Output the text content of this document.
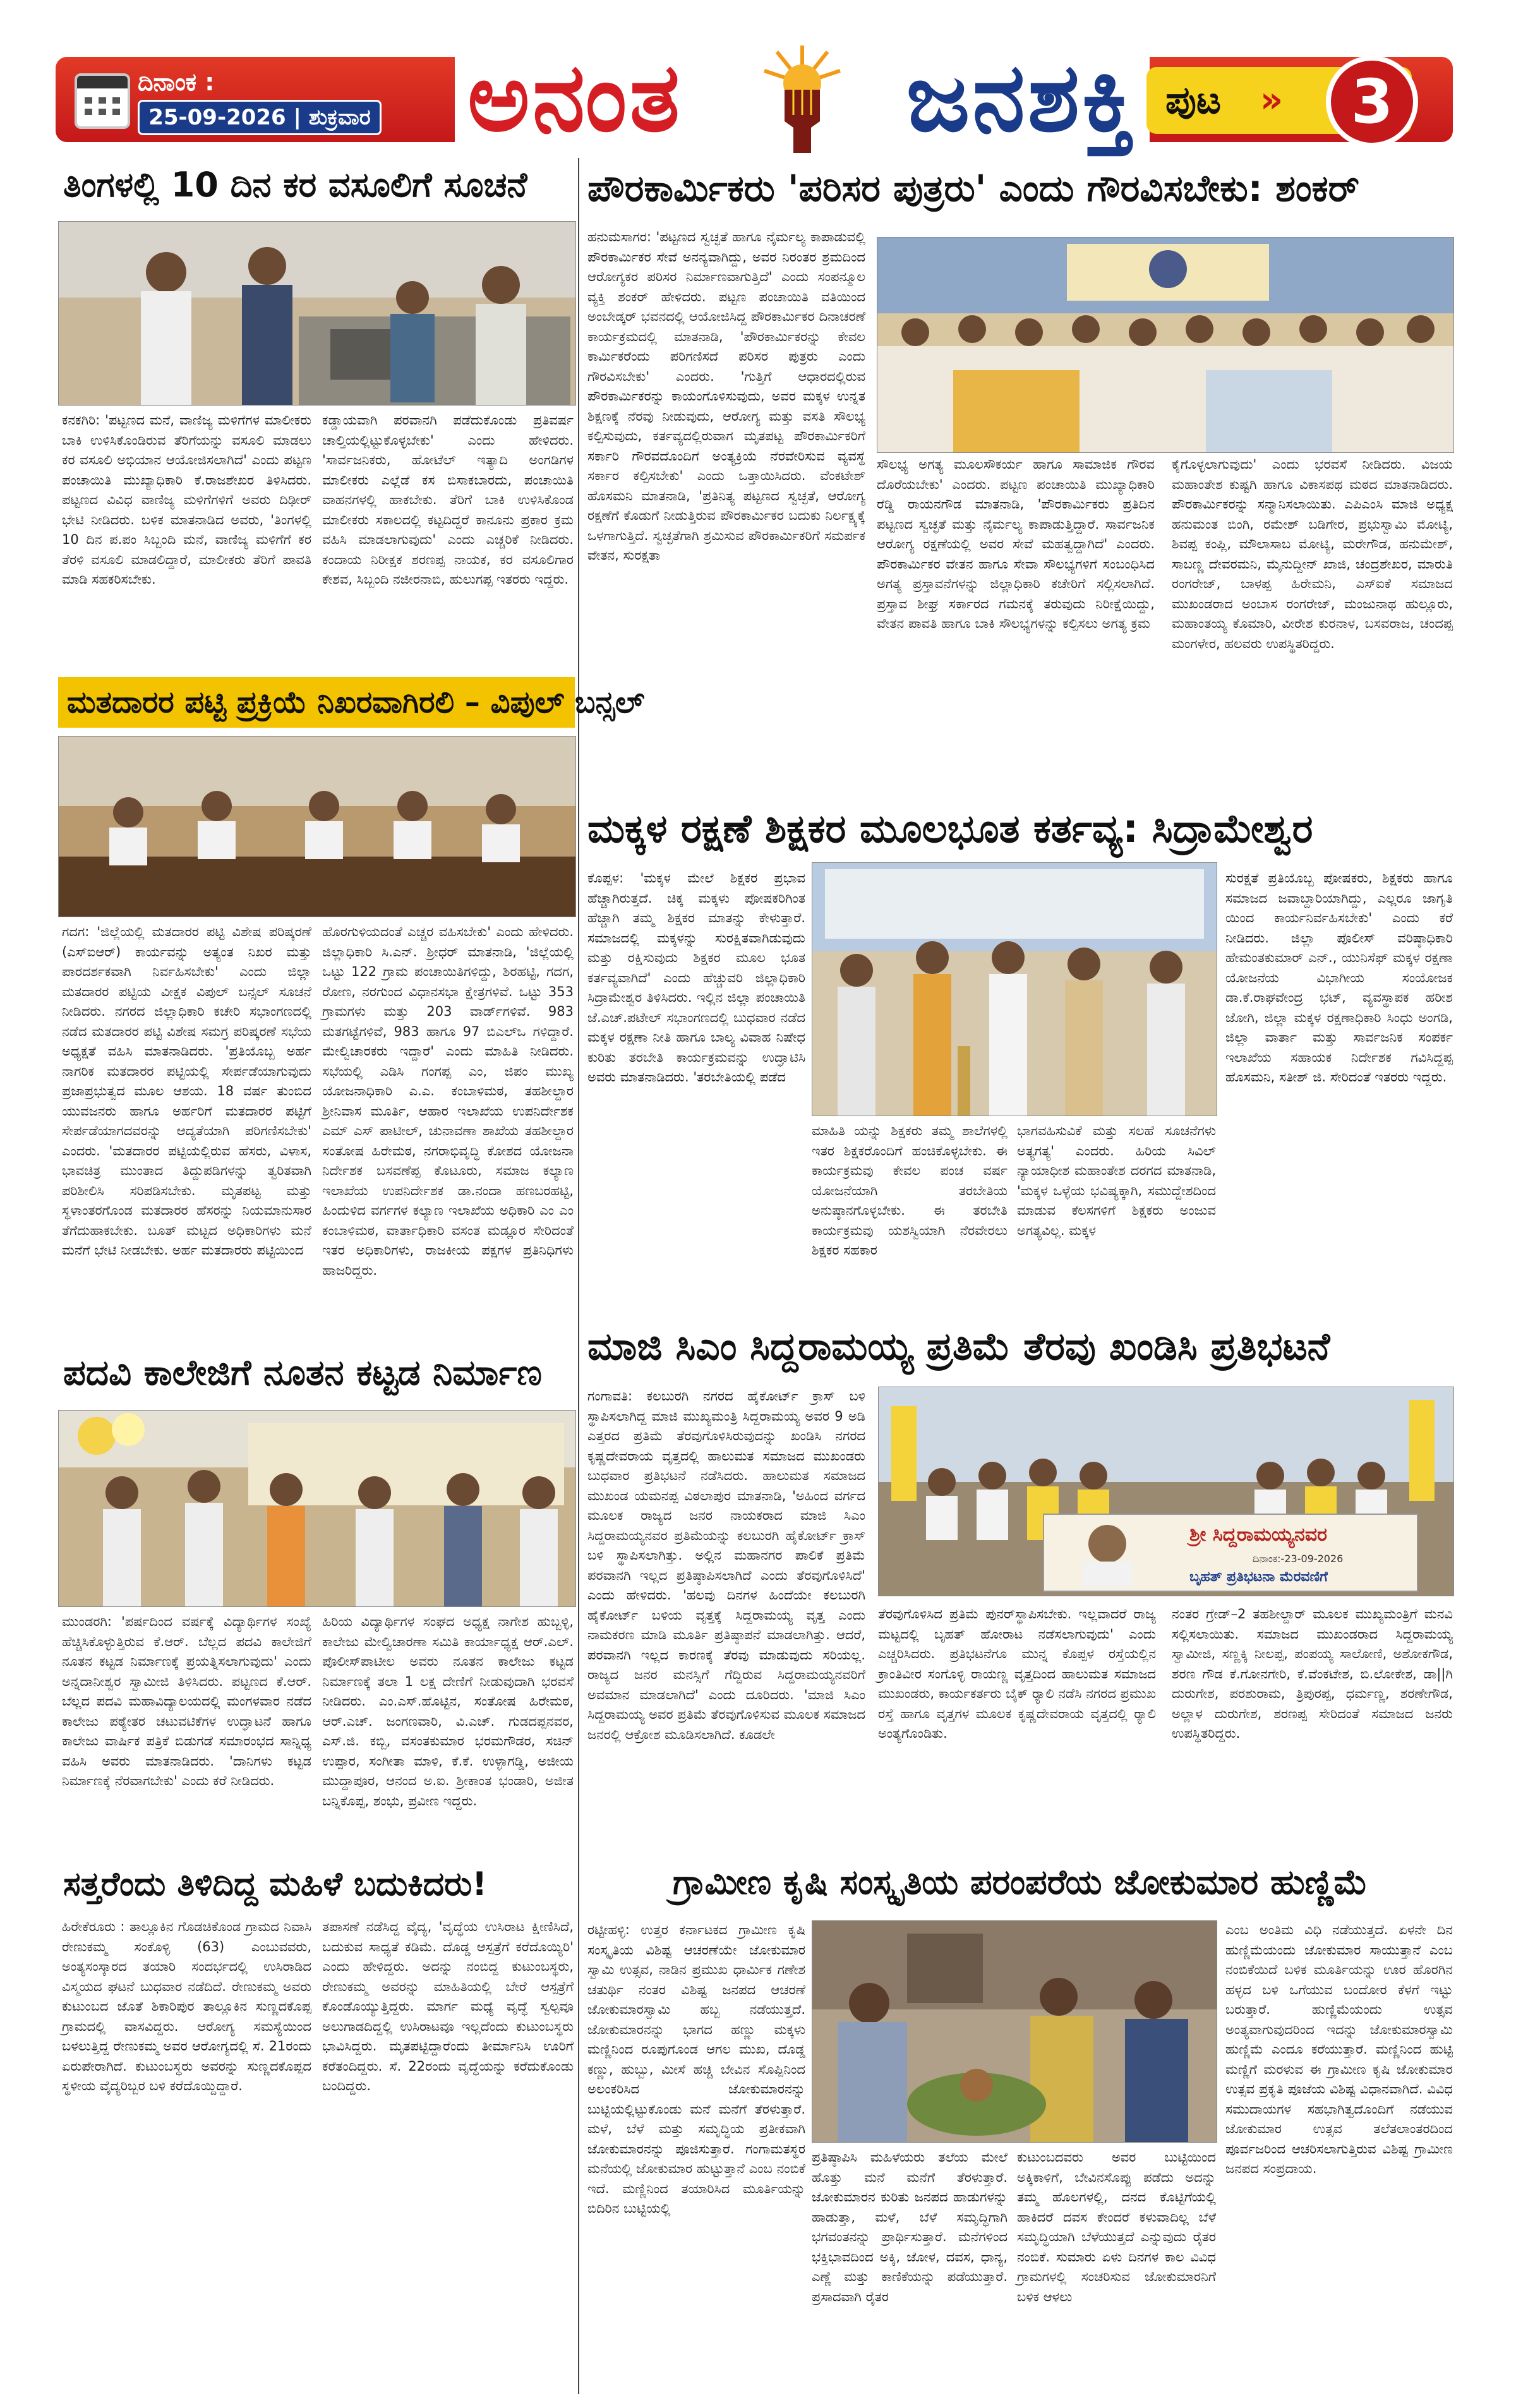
ದಿನಾಂಕ :
25-09-2026 | ಶುಕ್ರವಾರ ಅನಂತ ಜನಶಕ್ತಿ ಪುಟ »	3
ತಿಂಗಳಲ್ಲಿ 10 ದಿನ ಕರ ವಸೂಲಿಗೆ ಸೂಚನೆ
ಕನಕಗಿರಿ: 'ಪಟ್ಟಣದ ಮನೆ, ವಾಣಿಜ್ಯ ಮಳಿಗೆಗಳ ಮಾಲೀಕರು ಬಾಕಿ ಉಳಿಸಿಕೊಂಡಿರುವ ತೆರಿಗೆಯನ್ನು ವಸೂಲಿ ಮಾಡಲು ಕರ ವಸೂಲಿ ಅಭಿಯಾನ ಆಯೋಜಿಸಲಾಗಿದೆ' ಎಂದು ಪಟ್ಟಣ ಪಂಚಾಯಿತಿ ಮುಖ್ಯಾಧಿಕಾರಿ ಕೆ.ರಾಜಶೇಖರ ತಿಳಿಸಿದರು. ಪಟ್ಟಣದ ವಿವಿಧ ವಾಣಿಜ್ಯ ಮಳಿಗೆಗಳಿಗೆ ಅವರು ದಿಢೀರ್ ಭೇಟಿ ನೀಡಿದರು. ಬಳಿಕ ಮಾತನಾಡಿದ ಅವರು, 'ತಿಂಗಳಲ್ಲಿ 10 ದಿನ ಪ.ಪಂ ಸಿಬ್ಬಂದಿ ಮನೆ, ವಾಣಿಜ್ಯ ಮಳಿಗೆಗೆ ಕರ ತೆರಳಿ ವಸೂಲಿ ಮಾಡಲಿದ್ದಾರೆ, ಮಾಲೀಕರು ತೆರಿಗೆ ಪಾವತಿ ಮಾಡಿ ಸಹಕರಿಸಬೇಕು.
ಕಡ್ಡಾಯವಾಗಿ ಪರವಾನಗಿ ಪಡೆದುಕೊಂಡು ಪ್ರತಿವರ್ಷ ಚಾಲ್ತಿಯಲ್ಲಿಟ್ಟುಕೊಳ್ಳಬೇಕು' ಎಂದು ಹೇಳಿದರು. 'ಸಾರ್ವಜನಿಕರು, ಹೋಟೆಲ್ ಇತ್ಯಾದಿ ಅಂಗಡಿಗಳ ಮಾಲೀಕರು ಎಲ್ಲೆಡೆ ಕಸ ಬಿಸಾಕಬಾರದು, ಪಂಚಾಯಿತಿ ವಾಹನಗಳಲ್ಲಿ ಹಾಕಬೇಕು. ತೆರಿಗೆ ಬಾಕಿ ಉಳಿಸಿಕೊಂಡ ಮಾಲೀಕರು ಸಕಾಲದಲ್ಲಿ ಕಟ್ಟದಿದ್ದರೆ ಕಾನೂನು ಪ್ರಕಾರ ಕ್ರಮ ವಹಿಸಿ ಮಾಡಲಾಗುವುದು' ಎಂದು ಎಚ್ಚರಿಕೆ ನೀಡಿದರು. ಕಂದಾಯ ನಿರೀಕ್ಷಕ ಶರಣಪ್ಪ ನಾಯಕ, ಕರ ವಸೂಲಿಗಾರ ಕೇಶವ, ಸಿಬ್ಬಂದಿ ನಜೀರನಾಬಿ, ಹುಲುಗಪ್ಪ ಇತರರು ಇದ್ದರು.
ಮತದಾರರ ಪಟ್ಟಿ ಪ್ರಕ್ರಿಯೆ ನಿಖರವಾಗಿರಲಿ – ವಿಪುಲ್ ಬನ್ಸಲ್
ಗದಗ: 'ಜಿಲ್ಲೆಯಲ್ಲಿ ಮತದಾರರ ಪಟ್ಟಿ ವಿಶೇಷ ಪರಿಷ್ಕರಣೆ (ಎಸ್‌ಐಆರ್) ಕಾರ್ಯವನ್ನು ಅತ್ಯಂತ ನಿಖರ ಮತ್ತು ಪಾರದರ್ಶಕವಾಗಿ ನಿರ್ವಹಿಸಬೇಕು' ಎಂದು ಜಿಲ್ಲಾ ಮತದಾರರ ಪಟ್ಟಿಯ ವೀಕ್ಷಕ ವಿಪುಲ್ ಬನ್ಸಲ್ ಸೂಚನೆ ನೀಡಿದರು. ನಗರದ ಜಿಲ್ಲಾಧಿಕಾರಿ ಕಚೇರಿ ಸಭಾಂಗಣದಲ್ಲಿ ನಡೆದ ಮತದಾರರ ಪಟ್ಟಿ ವಿಶೇಷ ಸಮಗ್ರ ಪರಿಷ್ಕರಣೆ ಸಭೆಯ ಅಧ್ಯಕ್ಷತೆ ವಹಿಸಿ ಮಾತನಾಡಿದರು. 'ಪ್ರತಿಯೊಬ್ಬ ಅರ್ಹ ನಾಗರಿಕ ಮತದಾರರ ಪಟ್ಟಿಯಲ್ಲಿ ಸೇರ್ಪಡೆಯಾಗುವುದು ಪ್ರಜಾಪ್ರಭುತ್ವದ ಮೂಲ ಆಶಯ. 18 ವರ್ಷ ತುಂಬಿದ ಯುವಜನರು ಹಾಗೂ ಅರ್ಹರಿಗೆ ಮತದಾರರ ಪಟ್ಟಿಗೆ ಸೇರ್ಪಡೆಯಾಗದವರನ್ನು ಆದ್ಯತೆಯಾಗಿ ಪರಿಗಣಿಸಬೇಕು' ಎಂದರು. 'ಮತದಾರರ ಪಟ್ಟಿಯಲ್ಲಿರುವ ಹೆಸರು, ವಿಳಾಸ, ಭಾವಚಿತ್ರ ಮುಂತಾದ ತಿದ್ದುಪಡಿಗಳನ್ನು ತ್ವರಿತವಾಗಿ ಪರಿಶೀಲಿಸಿ ಸರಿಪಡಿಸಬೇಕು. ಮೃತಪಟ್ಟ ಮತ್ತು ಸ್ಥಳಾಂತರಗೊಂಡ ಮತದಾರರ ಹೆಸರನ್ನು ನಿಯಮಾನುಸಾರ ತೆಗೆದುಹಾಕಬೇಕು. ಬೂತ್ ಮಟ್ಟದ ಅಧಿಕಾರಿಗಳು ಮನೆ ಮನೆಗೆ ಭೇಟಿ ನೀಡಬೇಕು. ಅರ್ಹ ಮತದಾರರು ಪಟ್ಟಿಯಿಂದ
ಹೊರಗುಳಿಯದಂತೆ ಎಚ್ಚರ ವಹಿಸಬೇಕು' ಎಂದು ಹೇಳಿದರು. ಜಿಲ್ಲಾಧಿಕಾರಿ ಸಿ.ಎನ್. ಶ್ರೀಧರ್ ಮಾತನಾಡಿ, 'ಜಿಲ್ಲೆಯಲ್ಲಿ ಒಟ್ಟು 122 ಗ್ರಾಮ ಪಂಚಾಯಿತಿಗಳಿದ್ದು, ಶಿರಹಟ್ಟಿ, ಗದಗ, ರೋಣ, ನರಗುಂದ ವಿಧಾನಸಭಾ ಕ್ಷೇತ್ರಗಳಿವೆ. ಒಟ್ಟು 353 ಗ್ರಾಮಗಳು ಮತ್ತು 203 ವಾರ್ಡ್‌ಗಳಿವೆ. 983 ಮತಗಟ್ಟೆಗಳಿವೆ, 983 ಹಾಗೂ 97 ಬಿಎಲ್‌ಒ ಗಳಿದ್ದಾರೆ. ಮೇಲ್ವಿಚಾರಕರು ಇದ್ದಾರೆ' ಎಂದು ಮಾಹಿತಿ ನೀಡಿದರು. ಸಭೆಯಲ್ಲಿ ಎಡಿಸಿ ಗಂಗಪ್ಪ ಎಂ, ಜಿಪಂ ಮುಖ್ಯ ಯೋಜನಾಧಿಕಾರಿ ಎ.ಎ. ಕಂಬಾಳಿಮಠ, ತಹಶೀಲ್ದಾರ ಶ್ರೀನಿವಾಸ ಮೂರ್ತಿ, ಆಹಾರ ಇಲಾಖೆಯ ಉಪನಿರ್ದೇಶಕ ಎಮ್ ಎಸ್ ಪಾಟೀಲ್, ಚುನಾವಣಾ ಶಾಖೆಯ ತಹಶೀಲ್ದಾರ ಸಂತೋಷ ಹಿರೇಮಠ, ನಗರಾಭಿವೃದ್ಧಿ ಕೋಶದ ಯೋಜನಾ ನಿರ್ದೇಶಕ ಬಸವಣೆಪ್ಪ ಕೊಟೂರು, ಸಮಾಜ ಕಲ್ಯಾಣ ಇಲಾಖೆಯ ಉಪನಿರ್ದೇಶಕ ಡಾ.ನಂದಾ ಹಣಬರಹಟ್ಟಿ, ಹಿಂದುಳಿದ ವರ್ಗಗಳ ಕಲ್ಯಾಣ ಇಲಾಖೆಯ ಅಧಿಕಾರಿ ಎಂ ಎಂ ಕಂಬಾಳಿಮಠ, ವಾರ್ತಾಧಿಕಾರಿ ವಸಂತ ಮಡ್ಲೂರ ಸೇರಿದಂತೆ ಇತರ ಅಧಿಕಾರಿಗಳು, ರಾಜಕೀಯ ಪಕ್ಷಗಳ ಪ್ರತಿನಿಧಿಗಳು ಹಾಜರಿದ್ದರು.
ಪದವಿ ಕಾಲೇಜಿಗೆ ನೂತನ ಕಟ್ಟಡ ನಿರ್ಮಾಣ
ಮುಂಡರಗಿ: 'ಪರ್ಷದಿಂದ ವರ್ಷಕ್ಕೆ ವಿದ್ಯಾರ್ಥಿಗಳ ಸಂಖ್ಯೆ ಹೆಚ್ಚಿಸಿಕೊಳ್ಳುತ್ತಿರುವ ಕೆ.ಆರ್. ಬೆಲ್ಲದ ಪದವಿ ಕಾಲೇಜಿಗೆ ನೂತನ ಕಟ್ಟಡ ನಿರ್ಮಾಣಕ್ಕೆ ಪ್ರಯತ್ನಿಸಲಾಗುವುದು' ಎಂದು ಅನ್ನದಾನೀಶ್ವರ ಸ್ವಾಮೀಜಿ ತಿಳಿಸಿದರು. ಪಟ್ಟಣದ ಕೆ.ಆರ್. ಬೆಲ್ಲದ ಪದವಿ ಮಹಾವಿದ್ಯಾಲಯದಲ್ಲಿ ಮಂಗಳವಾರ ನಡೆದ ಕಾಲೇಜು ಪಠ್ಯೇತರ ಚಟುವಟಿಕೆಗಳ ಉದ್ಘಾಟನೆ ಹಾಗೂ ಕಾಲೇಜು ವಾರ್ಷಿಕ ಪತ್ರಿಕೆ ಬಿಡುಗಡೆ ಸಮಾರಂಭದ ಸಾನ್ನಿಧ್ಯ ವಹಿಸಿ ಅವರು ಮಾತನಾಡಿದರು. 'ದಾನಿಗಳು ಕಟ್ಟಡ ನಿರ್ಮಾಣಕ್ಕೆ ನೆರವಾಗಬೇಕು' ಎಂದು ಕರೆ ನೀಡಿದರು.
ಹಿರಿಯ ವಿದ್ಯಾರ್ಥಿಗಳ ಸಂಘದ ಅಧ್ಯಕ್ಷ ನಾಗೇಶ ಹುಬ್ಬಳ್ಳಿ, ಕಾಲೇಜು ಮೇಲ್ವಿಚಾರಣಾ ಸಮಿತಿ ಕಾರ್ಯಾಧ್ಯಕ್ಷ ಆರ್.ಎಲ್. ಪೊಲೀಸ್‌ಪಾಟೀಲ ಅವರು ನೂತನ ಕಾಲೇಜು ಕಟ್ಟಡ ನಿರ್ಮಾಣಕ್ಕೆ ತಲಾ 1 ಲಕ್ಷ ದೇಣಿಗೆ ನೀಡುವುದಾಗಿ ಭರವಸೆ ನೀಡಿದರು. ಎಂ.ಎಸ್.ಹೊಟ್ಟಿನ, ಸಂತೋಷ ಹಿರೇಮಠ, ಆರ್.ಎಚ್. ಜಂಗಣವಾರಿ, ವಿ.ಎಚ್. ಗುಡದಪ್ಪನವರ, ಎಸ್.ಜಿ. ಕಬ್ಬಿ, ವಸಂತಕುಮಾರ ಭರಮಗೌಡರ, ಸಚಿನ್ ಉಪ್ಪಾರ, ಸಂಗೀತಾ ಮಾಳಿ, ಕೆ.ಕೆ. ಉಳ್ಳಾಗಡ್ಡಿ, ಅಜೀಯ ಮುದ್ದಾಪೂರ, ಆನಂದ ಅ.ಐ. ಶ್ರೀಕಾಂತ ಭಂಡಾರಿ, ಅಜೀತ ಬನ್ನಿಕೊಪ್ಪ, ಶಂಭು, ಪ್ರವೀಣ ಇದ್ದರು.
ಸತ್ತರೆಂದು ತಿಳಿದಿದ್ದ ಮಹಿಳೆ ಬದುಕಿದರು!
ಹಿರೇಕೆರೂರು : ತಾಲ್ಲೂಕಿನ ಗೊಡಚಿಕೊಂಡ ಗ್ರಾಮದ ನಿವಾಸಿ ರೇಣುಕಮ್ಮ ಸಂಕೊಳ್ಳಿ (63) ಎಂಬುವವರು, ಅಂತ್ಯಸಂಸ್ಕಾರದ ತಯಾರಿ ಸಂದರ್ಭದಲ್ಲಿ ಉಸಿರಾಡಿದ ವಿಸ್ಮಯದ ಘಟನೆ ಬುಧವಾರ ನಡೆದಿದೆ. ರೇಣುಕಮ್ಮ ಅವರು ಕುಟುಂಬದ ಜೊತೆ ಶಿಕಾರಿಪುರ ತಾಲ್ಲೂಕಿನ ಸುಣ್ಣದಕೊಪ್ಪ ಗ್ರಾಮದಲ್ಲಿ ವಾಸವಿದ್ದರು. ಆರೋಗ್ಯ ಸಮಸ್ಯೆಯಿಂದ ಬಳಲುತ್ತಿದ್ದ ರೇಣುಕಮ್ಮ ಅವರ ಆರೋಗ್ಯದಲ್ಲಿ ಸೆ. 21ರಂದು ಏರುಪೇರಾಗಿದೆ. ಕುಟುಂಬಸ್ಥರು ಅವರನ್ನು ಸುಣ್ಣದಕೊಪ್ಪದ ಸ್ಥಳೀಯ ವೈದ್ಯರಿಬ್ಬರ ಬಳಿ ಕರೆದೊಯ್ದಿದ್ದಾರೆ.
ತಪಾಸಣೆ ನಡೆಸಿದ್ದ ವೈದ್ಯ, 'ವೃದ್ಧೆಯ ಉಸಿರಾಟ ಕ್ಷೀಣಿಸಿದೆ, ಬದುಕುವ ಸಾಧ್ಯತೆ ಕಡಿಮೆ. ದೊಡ್ಡ ಆಸ್ಪತ್ರೆಗೆ ಕರೆದೊಯ್ಯಿರಿ' ಎಂದು ಹೇಳಿದ್ದರು. ಅದನ್ನು ನಂಬಿದ್ದ ಕುಟುಂಬಸ್ಥರು, ರೇಣುಕಮ್ಮ ಅವರನ್ನು ಮಾಹಿತಿಯಲ್ಲಿ ಬೇರೆ ಆಸ್ಪತ್ರೆಗೆ ಕೊಂಡೊಯ್ಯುತ್ತಿದ್ದರು. ಮಾರ್ಗ ಮಧ್ಯೆ ವೃದ್ಧೆ ಸ್ವಲ್ಪವೂ ಅಲುಗಾಡದಿದ್ದಲ್ಲಿ ಉಸಿರಾಟವೂ ಇಲ್ಲದೆಂದು ಕುಟುಂಬಸ್ಥರು ಭಾವಿಸಿದ್ದರು. ಮೃತಪಟ್ಟಿದ್ದಾರೆಂದು ತೀರ್ಮಾನಿಸಿ ಊರಿಗೆ ಕರೆತಂದಿದ್ದರು. ಸೆ. 22ರಂದು ವೃದ್ಧೆಯನ್ನು ಕರೆದುಕೊಂಡು ಬಂದಿದ್ದರು.
ಪೌರಕಾರ್ಮಿಕರು 'ಪರಿಸರ ಪುತ್ರರು' ಎಂದು ಗೌರವಿಸಬೇಕು: ಶಂಕರ್
ಹನುಮಸಾಗರ: 'ಪಟ್ಟಣದ ಸ್ವಚ್ಛತೆ ಹಾಗೂ ನೈರ್ಮಲ್ಯ ಕಾಪಾಡುವಲ್ಲಿ ಪೌರಕಾರ್ಮಿಕರ ಸೇವೆ ಅನನ್ಯವಾಗಿದ್ದು, ಅವರ ನಿರಂತರ ಶ್ರಮದಿಂದ ಆರೋಗ್ಯಕರ ಪರಿಸರ ನಿರ್ಮಾಣವಾಗುತ್ತಿದೆ' ಎಂದು ಸಂಪನ್ಮೂಲ ವ್ಯಕ್ತಿ ಶಂಕರ್ ಹೇಳಿದರು. ಪಟ್ಟಣ ಪಂಚಾಯಿತಿ ವತಿಯಿಂದ ಅಂಬೇಡ್ಕರ್ ಭವನದಲ್ಲಿ ಆಯೋಜಿಸಿದ್ದ ಪೌರಕಾರ್ಮಿಕರ ದಿನಾಚರಣೆ ಕಾರ್ಯಕ್ರಮದಲ್ಲಿ ಮಾತನಾಡಿ, 'ಪೌರಕಾರ್ಮಿಕರನ್ನು ಕೇವಲ ಕಾರ್ಮಿಕರೆಂದು ಪರಿಗಣಿಸದೆ ಪರಿಸರ ಪುತ್ರರು ಎಂದು ಗೌರವಿಸಬೇಕು' ಎಂದರು. 'ಗುತ್ತಿಗೆ ಆಧಾರದಲ್ಲಿರುವ ಪೌರಕಾರ್ಮಿಕರನ್ನು ಕಾಯಂಗೊಳಿಸುವುದು, ಅವರ ಮಕ್ಕಳ ಉನ್ನತ ಶಿಕ್ಷಣಕ್ಕೆ ನೆರವು ನೀಡುವುದು, ಆರೋಗ್ಯ ಮತ್ತು ವಸತಿ ಸೌಲಭ್ಯ ಕಲ್ಪಿಸುವುದು, ಕರ್ತವ್ಯದಲ್ಲಿರುವಾಗ ಮೃತಪಟ್ಟ ಪೌರಕಾರ್ಮಿಕರಿಗೆ ಸರ್ಕಾರಿ ಗೌರವದೊಂದಿಗೆ ಅಂತ್ಯಕ್ರಿಯೆ ನೆರವೇರಿಸುವ ವ್ಯವಸ್ಥೆ ಸರ್ಕಾರ ಕಲ್ಪಿಸಬೇಕು' ಎಂದು ಒತ್ತಾಯಿಸಿದರು. ವೆಂಕಟೇಶ್ ಹೊಸಮನಿ ಮಾತನಾಡಿ, 'ಪ್ರತಿನಿತ್ಯ ಪಟ್ಟಣದ ಸ್ವಚ್ಛತೆ, ಆರೋಗ್ಯ ರಕ್ಷಣೆಗೆ ಕೊಡುಗೆ ನೀಡುತ್ತಿರುವ ಪೌರಕಾರ್ಮಿಕರ ಬದುಕು ನಿರ್ಲಕ್ಷ್ಯಕ್ಕೆ ಒಳಗಾಗುತ್ತಿದೆ. ಸ್ವಚ್ಛತೆಗಾಗಿ ಶ್ರಮಿಸುವ ಪೌರಕಾರ್ಮಿಕರಿಗೆ ಸಮರ್ಪಕ ವೇತನ, ಸುರಕ್ಷತಾ
ಸೌಲಭ್ಯ ಅಗತ್ಯ ಮೂಲಸೌಕರ್ಯ ಹಾಗೂ ಸಾಮಾಜಿಕ ಗೌರವ ದೊರೆಯಬೇಕು' ಎಂದರು. ಪಟ್ಟಣ ಪಂಚಾಯಿತಿ ಮುಖ್ಯಾಧಿಕಾರಿ ರೆಡ್ಡಿ ರಾಯನಗೌಡ ಮಾತನಾಡಿ, 'ಪೌರಕಾರ್ಮಿಕರು ಪ್ರತಿದಿನ ಪಟ್ಟಣದ ಸ್ವಚ್ಛತೆ ಮತ್ತು ನೈರ್ಮಲ್ಯ ಕಾಪಾಡುತ್ತಿದ್ದಾರೆ. ಸಾರ್ವಜನಿಕ ಆರೋಗ್ಯ ರಕ್ಷಣೆಯಲ್ಲಿ ಅವರ ಸೇವೆ ಮಹತ್ವದ್ದಾಗಿದೆ' ಎಂದರು. ಪೌರಕಾರ್ಮಿಕರ ವೇತನ ಹಾಗೂ ಸೇವಾ ಸೌಲಭ್ಯಗಳಿಗೆ ಸಂಬಂಧಿಸಿದ ಅಗತ್ಯ ಪ್ರಸ್ತಾವನೆಗಳನ್ನು ಜಿಲ್ಲಾಧಿಕಾರಿ ಕಚೇರಿಗೆ ಸಲ್ಲಿಸಲಾಗಿದೆ. ಪ್ರಸ್ತಾವ ಶೀಘ್ರ ಸರ್ಕಾರದ ಗಮನಕ್ಕೆ ತರುವುದು ನಿರೀಕ್ಷೆಯಿದ್ದು, ವೇತನ ಪಾವತಿ ಹಾಗೂ ಬಾಕಿ ಸೌಲಭ್ಯಗಳನ್ನು ಕಲ್ಪಿಸಲು ಅಗತ್ಯ ಕ್ರಮ
ಕೈಗೊಳ್ಳಲಾಗುವುದು' ಎಂದು ಭರವಸೆ ನೀಡಿದರು. ವಿಜಯ ಮಹಾಂತೇಶ ಕುಷ್ಟಗಿ ಹಾಗೂ ವಿಕಾಸಪಥ ಮಠದ ಮಾತನಾಡಿದರು. ಪೌರಕಾರ್ಮಿಕರನ್ನು ಸನ್ಮಾನಿಸಲಾಯಿತು. ಎಪಿಎಂಸಿ ಮಾಜಿ ಅಧ್ಯಕ್ಷ ಹನುಮಂತ ಬಿಂಗಿ, ರಮೇಶ್ ಬಡಿಗೇರ, ಪ್ರಭುಸ್ವಾಮಿ ಮೋಟ್ಯಿ, ಶಿವಪ್ಪ ಕಂಪ್ಲಿ, ಮೌಲಾಸಾಬ ಮೋಟ್ಯಿ, ಮರೇಗೌಡ, ಹನುಮೇಶ್, ಸಾಬಣ್ಣ ದೇವರಮನಿ, ಮೈನುದ್ದೀನ್ ಖಾಜಿ, ಚಂದ್ರಶೇಖರ, ಮಾರುತಿ ರಂಗರೇಜ್, ಬಾಳಪ್ಪ ಹಿರೇಮನಿ, ಎಸ್‌ಐಕೆ ಸಮಾಜದ ಮುಖಂಡರಾದ ಅಂಬಾಸ ರಂಗರೇಜ್, ಮಂಜುನಾಥ ಹುಲ್ಲೂರು, ಮಹಾಂತಯ್ಯ ಕೊಮಾರಿ, ವೀರೇಶ ಕುರನಾಳ, ಬಸವರಾಜ, ಚಂದಪ್ಪ ಮಂಗಳೇರ, ಹಲವರು ಉಪಸ್ಥಿತರಿದ್ದರು.
ಮಕ್ಕಳ ರಕ್ಷಣೆ ಶಿಕ್ಷಕರ ಮೂಲಭೂತ ಕರ್ತವ್ಯ: ಸಿದ್ರಾಮೇಶ್ವರ
ಕೊಪ್ಪಳ: 'ಮಕ್ಕಳ ಮೇಲೆ ಶಿಕ್ಷಕರ ಪ್ರಭಾವ ಹೆಚ್ಚಾಗಿರುತ್ತದೆ. ಚಿಕ್ಕ ಮಕ್ಕಳು ಪೋಷಕರಿಗಿಂತ ಹೆಚ್ಚಾಗಿ ತಮ್ಮ ಶಿಕ್ಷಕರ ಮಾತನ್ನು ಕೇಳುತ್ತಾರೆ. ಸಮಾಜದಲ್ಲಿ ಮಕ್ಕಳನ್ನು ಸುರಕ್ಷಿತವಾಗಿಡುವುದು ಮತ್ತು ರಕ್ಷಿಸುವುದು ಶಿಕ್ಷಕರ ಮೂಲ ಭೂತ ಕರ್ತವ್ಯವಾಗಿದೆ' ಎಂದು ಹೆಚ್ಚುವರಿ ಜಿಲ್ಲಾಧಿಕಾರಿ ಸಿದ್ರಾಮೇಶ್ವರ ತಿಳಿಸಿದರು. ಇಲ್ಲಿನ ಜಿಲ್ಲಾ ಪಂಚಾಯಿತಿ ಜೆ.ಎಚ್.ಪಟೇಲ್ ಸಭಾಂಗಣದಲ್ಲಿ ಬುಧವಾರ ನಡೆದ ಮಕ್ಕಳ ರಕ್ಷಣಾ ನೀತಿ ಹಾಗೂ ಬಾಲ್ಯ ವಿವಾಹ ನಿಷೇಧ ಕುರಿತು ತರಬೇತಿ ಕಾರ್ಯಕ್ರಮವನ್ನು ಉದ್ಘಾಟಿಸಿ ಅವರು ಮಾತನಾಡಿದರು. 'ತರಬೇತಿಯಲ್ಲಿ ಪಡೆದ
ಮಾಹಿತಿ ಯನ್ನು ಶಿಕ್ಷಕರು ತಮ್ಮ ಶಾಲೆಗಳಲ್ಲಿ ಇತರ ಶಿಕ್ಷಕರೊಂದಿಗೆ ಹಂಚಿಕೊಳ್ಳಬೇಕು. ಈ ಕಾರ್ಯಕ್ರಮವು ಕೇವಲ ಪಂಚ ವರ್ಷ ಯೋಜನೆಯಾಗಿ ತರಬೇತಿಯ ಅನುಷ್ಠಾನಗೊಳ್ಳಬೇಕು. ಈ ತರಬೇತಿ ಕಾರ್ಯಕ್ರಮವು ಯಶಸ್ವಿಯಾಗಿ ನೆರವೇರಲು ಶಿಕ್ಷಕರ ಸಹಕಾರ
ಭಾಗವಹಿಸುವಿಕೆ ಮತ್ತು ಸಲಹೆ ಸೂಚನೆಗಳು ಅತ್ಯಗತ್ಯ' ಎಂದರು. ಹಿರಿಯ ಸಿವಿಲ್ ನ್ಯಾಯಾಧೀಶ ಮಹಾಂತೇಶ ದರಗದ ಮಾತನಾಡಿ, 'ಮಕ್ಕಳ ಒಳ್ಳೆಯ ಭವಿಷ್ಯಕ್ಕಾಗಿ, ಸಮುದ್ದೇಶದಿಂದ ಮಾಡುವ ಕೆಲಸಗಳಿಗೆ ಶಿಕ್ಷಕರು ಅಂಜುವ ಅಗತ್ಯವಿಲ್ಲ. ಮಕ್ಕಳ
ಸುರಕ್ಷತೆ ಪ್ರತಿಯೊಬ್ಬ ಪೋಷಕರು, ಶಿಕ್ಷಕರು ಹಾಗೂ ಸಮಾಜದ ಜವಾಬ್ದಾರಿಯಾಗಿದ್ದು, ಎಲ್ಲರೂ ಜಾಗೃತಿ ಯಿಂದ ಕಾರ್ಯನಿರ್ವಹಿಸಬೇಕು' ಎಂದು ಕರೆ ನೀಡಿದರು. ಜಿಲ್ಲಾ ಪೊಲೀಸ್ ವರಿಷ್ಠಾಧಿಕಾರಿ ಹೇಮಂತಕುಮಾರ್ ಎನ್., ಯುನಿಸೆಫ್ ಮಕ್ಕಳ ರಕ್ಷಣಾ ಯೋಜನೆಯ ವಿಭಾಗೀಯ ಸಂಯೋಜಕ ಡಾ.ಕೆ.ರಾಘವೇಂದ್ರ ಭಟ್, ವ್ಯವಸ್ಥಾಪಕ ಹರೀಶ ಜೋಗಿ, ಜಿಲ್ಲಾ ಮಕ್ಕಳ ರಕ್ಷಣಾಧಿಕಾರಿ ಸಿಂಧು ಅಂಗಡಿ, ಜಿಲ್ಲಾ ವಾರ್ತಾ ಮತ್ತು ಸಾರ್ವಜನಿಕ ಸಂಪರ್ಕ ಇಲಾಖೆಯ ಸಹಾಯಕ ನಿರ್ದೇಶಕ ಗವಿಸಿದ್ದಪ್ಪ ಹೊಸಮನಿ, ಸತೀಶ್ ಜಿ. ಸೇರಿದಂತೆ ಇತರರು ಇದ್ದರು.
ಮಾಜಿ ಸಿಎಂ ಸಿದ್ದರಾಮಯ್ಯ ಪ್ರತಿಮೆ ತೆರವು ಖಂಡಿಸಿ ಪ್ರತಿಭಟನೆ
ಗಂಗಾವತಿ: ಕಲಬುರಗಿ ನಗರದ ಹೈಕೋರ್ಟ್ ಕ್ರಾಸ್ ಬಳಿ ಸ್ಥಾಪಿಸಲಾಗಿದ್ದ ಮಾಜಿ ಮುಖ್ಯಮಂತ್ರಿ ಸಿದ್ದರಾಮಯ್ಯ ಅವರ 9 ಅಡಿ ಎತ್ತರದ ಪ್ರತಿಮೆ ತೆರವುಗೊಳಿಸಿರುವುದನ್ನು ಖಂಡಿಸಿ ನಗರದ ಕೃಷ್ಣದೇವರಾಯ ವೃತ್ತದಲ್ಲಿ ಹಾಲುಮತ ಸಮಾಜದ ಮುಖಂಡರು ಬುಧವಾರ ಪ್ರತಿಭಟನೆ ನಡೆಸಿದರು. ಹಾಲುಮತ ಸಮಾಜದ ಮುಖಂಡ ಯಮನಪ್ಪ ವಿಠಲಾಪುರ ಮಾತನಾಡಿ, 'ಅಹಿಂದ ವರ್ಗದ ಮೂಲಕ ರಾಜ್ಯದ ಜನರ ನಾಯಕರಾದ ಮಾಜಿ ಸಿಎಂ ಸಿದ್ದರಾಮಯ್ಯನವರ ಪ್ರತಿಮೆಯನ್ನು ಕಲಬುರಗಿ ಹೈಕೋರ್ಟ್ ಕ್ರಾಸ್ ಬಳಿ ಸ್ಥಾಪಿಸಲಾಗಿತ್ತು. ಅಲ್ಲಿನ ಮಹಾನಗರ ಪಾಲಿಕೆ ಪ್ರತಿಮೆ ಪರವಾನಗಿ ಇಲ್ಲದ ಪ್ರತಿಷ್ಠಾಪಿಸಲಾಗಿದೆ ಎಂದು ತೆರವುಗೊಳಿಸಿದೆ' ಎಂದು ಹೇಳಿದರು. 'ಹಲವು ದಿನಗಳ ಹಿಂದೆಯೇ ಕಲಬುರಗಿ ಹೈಕೋರ್ಟ್ ಬಳಿಯ ವೃತ್ತಕ್ಕೆ ಸಿದ್ದರಾಮಯ್ಯ ವೃತ್ತ ಎಂದು ನಾಮಕರಣ ಮಾಡಿ ಮೂರ್ತಿ ಪ್ರತಿಷ್ಠಾಪನೆ ಮಾಡಲಾಗಿತ್ತು. ಆದರೆ, ಪರವಾನಗಿ ಇಲ್ಲದ ಕಾರಣಕ್ಕೆ ತೆರವು ಮಾಡುವುದು ಸರಿಯಲ್ಲ. ರಾಜ್ಯದ ಜನರ ಮನಸ್ಸಿಗೆ ಗೆದ್ದಿರುವ ಸಿದ್ದರಾಮಯ್ಯನವರಿಗೆ ಅವಮಾನ ಮಾಡಲಾಗಿದೆ' ಎಂದು ದೂರಿದರು. 'ಮಾಜಿ ಸಿಎಂ ಸಿದ್ದರಾಮಯ್ಯ ಅವರ ಪ್ರತಿಮೆ ತೆರವುಗೊಳಿಸುವ ಮೂಲಕ ಸಮಾಜದ ಜನರಲ್ಲಿ ಆಕ್ರೋಶ ಮೂಡಿಸಲಾಗಿದೆ. ಕೂಡಲೇ
ಶ್ರೀ ಸಿದ್ದರಾಮಯ್ಯನವರ
ದಿನಾಂಕ:-23-09-2026
ಬೃಹತ್ ಪ್ರತಿಭಟನಾ ಮೆರವಣಿಗೆ
ತೆರವುಗೊಳಿಸಿದ ಪ್ರತಿಮೆ ಪುನರ್‌ಸ್ಥಾಪಿಸಬೇಕು. ಇಲ್ಲವಾದರೆ ರಾಜ್ಯ ಮಟ್ಟದಲ್ಲಿ ಬೃಹತ್ ಹೋರಾಟ ನಡೆಸಲಾಗುವುದು' ಎಂದು ಎಚ್ಚರಿಸಿದರು. ಪ್ರತಿಭಟನೆಗೂ ಮುನ್ನ ಕೊಪ್ಪಳ ರಸ್ತೆಯಲ್ಲಿನ ಕ್ರಾಂತಿವೀರ ಸಂಗೊಳ್ಳಿ ರಾಯಣ್ಣ ವೃತ್ತದಿಂದ ಹಾಲುಮತ ಸಮಾಜದ ಮುಖಂಡರು, ಕಾರ್ಯಕರ್ತರು ಬೈಕ್ ರ‍್ಯಾಲಿ ನಡೆಸಿ ನಗರದ ಪ್ರಮುಖ ರಸ್ತೆ ಹಾಗೂ ವೃತ್ತಗಳ ಮೂಲಕ ಕೃಷ್ಣದೇವರಾಯ ವೃತ್ತದಲ್ಲಿ ರ‍್ಯಾಲಿ ಅಂತ್ಯಗೊಂಡಿತು.
ನಂತರ ಗ್ರೇಡ್–2 ತಹಶೀಲ್ದಾರ್ ಮೂಲಕ ಮುಖ್ಯಮಂತ್ರಿಗೆ ಮನವಿ ಸಲ್ಲಿಸಲಾಯಿತು. ಸಮಾಜದ ಮುಖಂಡರಾದ ಸಿದ್ದರಾಮಯ್ಯ ಸ್ವಾಮೀಜಿ, ಸಣ್ಣಕ್ಕಿ ನೀಲಪ್ಪ, ಪಂಪಯ್ಯ ಸಾಲೋಣಿ, ಅಶೋಕಗೌಡ, ಶರಣ ಗೌಡ ಕೆ.ಗೋನಗೇರಿ, ಕೆ.ವೆಂಕಟೇಶ, ಬಿ.ಲೋಕೇಶ, ಡಾ||ಗಿ ದುರುಗೇಶ, ಪರಶುರಾಮ, ತ್ರಿಪುರಪ್ಪ, ಧರ್ಮಣ್ಣ, ಶರಣೇಗೌಡ, ಅಲ್ಲಾಳ ದುರುಗೇಶ, ಶರಣಪ್ಪ ಸೇರಿದಂತೆ ಸಮಾಜದ ಜನರು ಉಪಸ್ಥಿತರಿದ್ದರು.
ಗ್ರಾಮೀಣ ಕೃಷಿ ಸಂಸ್ಕೃತಿಯ ಪರಂಪರೆಯ ಜೋಕುಮಾರ ಹುಣ್ಣಿಮೆ
ರಟ್ಟೀಹಳ್ಳಿ: ಉತ್ತರ ಕರ್ನಾಟಕದ ಗ್ರಾಮೀಣ ಕೃಷಿ ಸಂಸ್ಕೃತಿಯ ವಿಶಿಷ್ಟ ಆಚರಣೆಯೇ ಜೋಕುಮಾರ ಸ್ವಾಮಿ ಉತ್ಸವ, ನಾಡಿನ ಪ್ರಮುಖ ಧಾರ್ಮಿಕ ಗಣೇಶ ಚತುರ್ಥಿ ನಂತರ ವಿಶಿಷ್ಟ ಜನಪದ ಆಚರಣೆ ಜೋಕುಮಾರಸ್ವಾಮಿ ಹಬ್ಬ ನಡೆಯುತ್ತದೆ. ಜೋಕುಮಾರನನ್ನು ಭಾಗದ ಹಣ್ಣು ಮಕ್ಕಳು ಮಣ್ಣಿನಿಂದ ರೂಪುಗೊಂಡ ಆಗಲ ಮುಖ, ದೊಡ್ಡ ಕಣ್ಣು, ಹುಬ್ಬು, ಮೀಸೆ ಹಚ್ಚಿ ಬೇವಿನ ಸೊಪ್ಪಿನಿಂದ ಅಲಂಕರಿಸಿದ ಜೋಕುಮಾರನನ್ನು ಬುಟ್ಟಿಯಲ್ಲಿಟ್ಟುಕೊಂಡು ಮನೆ ಮನೆಗೆ ತೆರಳುತ್ತಾರೆ. ಮಳೆ, ಬೆಳೆ ಮತ್ತು ಸಮೃದ್ಧಿಯ ಪ್ರತೀಕವಾಗಿ ಜೋಕುಮಾರನನ್ನು ಪೂಜಿಸುತ್ತಾರೆ. ಗಂಗಾಮತಸ್ಥರ ಮನೆಯಲ್ಲಿ ಜೋಕುಮಾರ ಹುಟ್ಟುತ್ತಾನೆ ಎಂಬ ನಂಬಿಕೆ ಇದೆ. ಮಣ್ಣಿನಿಂದ ತಯಾರಿಸಿದ ಮೂರ್ತಿಯನ್ನು ಬಿದಿರಿನ ಬುಟ್ಟಿಯಲ್ಲಿ
ಪ್ರತಿಷ್ಠಾಪಿಸಿ ಮಹಿಳೆಯರು ತಲೆಯ ಮೇಲೆ ಹೊತ್ತು ಮನೆ ಮನೆಗೆ ತೆರಳುತ್ತಾರೆ. ಜೋಕುಮಾರನ ಕುರಿತು ಜನಪದ ಹಾಡುಗಳನ್ನು ಹಾಡುತ್ತಾ, ಮಳೆ, ಬೆಳೆ ಸಮೃದ್ಧಿಗಾಗಿ ಭಗವಂತನನ್ನು ಪ್ರಾರ್ಥಿಸುತ್ತಾರೆ. ಮನೆಗಳಿಂದ ಭಕ್ತಿಭಾವದಿಂದ ಅಕ್ಕಿ, ಜೋಳ, ದವಸ, ಧಾನ್ಯ, ಎಣ್ಣೆ ಮತ್ತು ಕಾಣಿಕೆಯನ್ನು ಪಡೆಯುತ್ತಾರೆ. ಪ್ರಸಾದವಾಗಿ ರೈತರ
ಕುಟುಂಬದವರು ಅವರ ಬುಟ್ಟಿಯಿಂದ ಅಕ್ಕಿಕಾಳಿಗೆ, ಬೇವಿನಸೊಪ್ಪು ಪಡೆದು ಅದನ್ನು ತಮ್ಮ ಹೊಲಗಳಲ್ಲಿ, ದನದ ಕೊಟ್ಟಿಗೆಯಲ್ಲಿ ಹಾಕಿದರೆ ದವಸ ಕೇಂದರೆ ಕಳುವಾದಿಲ್ಲ ಬೆಳೆ ಸಮೃದ್ಧಿಯಾಗಿ ಬೆಳೆಯುತ್ತದೆ ಎನ್ನುವುದು ರೈತರ ನಂಬಿಕೆ. ಸುಮಾರು ಏಳು ದಿನಗಳ ಕಾಲ ವಿವಿಧ ಗ್ರಾಮಗಳಲ್ಲಿ ಸಂಚರಿಸುವ ಜೋಕುಮಾರನಿಗೆ ಬಳಿಕ ಆಳಲು
ಎಂಬ ಅಂತಿಮ ವಿಧಿ ನಡೆಯುತ್ತದೆ. ಏಳನೇ ದಿನ ಹುಣ್ಣಿಮೆಯಂದು ಜೋಕುಮಾರ ಸಾಯುತ್ತಾನೆ ಎಂಬ ನಂಬಿಕೆಯಿದೆ ಬಳಿಕ ಮೂರ್ತಿಯನ್ನು ಊರ ಹೊರಗಿನ ಹಳ್ಳದ ಬಳಿ ಒಗೆಯುವ ಬಂದೋರ ಕೆಳಗೆ ಇಟ್ಟು ಬರುತ್ತಾರೆ. ಹುಣ್ಣಿಮೆಯಂದು ಉತ್ಸವ ಅಂತ್ಯವಾಗುವುದರಿಂದ ಇದನ್ನು ಜೋಕುಮಾರಸ್ವಾಮಿ ಹುಣ್ಣಿಮೆ ಎಂದೂ ಕರೆಯುತ್ತಾರೆ. ಮಣ್ಣಿನಿಂದ ಹುಟ್ಟಿ ಮಣ್ಣಿಗೆ ಮರಳುವ ಈ ಗ್ರಾಮೀಣ ಕೃಷಿ ಜೋಕುಮಾರ ಉತ್ಸವ ಪ್ರಕೃತಿ ಪೂಜೆಯ ವಿಶಿಷ್ಟ ವಿಧಾನವಾಗಿದೆ. ವಿವಿಧ ಸಮುದಾಯಗಳ ಸಹಭಾಗಿತ್ವದೊಂದಿಗೆ ನಡೆಯುವ ಜೋಕುಮಾರ ಉತ್ಸವ ತಲೆತಲಾಂತರದಿಂದ ಪೂರ್ವಜರಿಂದ ಆಚರಿಸಲಾಗುತ್ತಿರುವ ವಿಶಿಷ್ಟ ಗ್ರಾಮೀಣ ಜನಪದ ಸಂಪ್ರದಾಯ.
